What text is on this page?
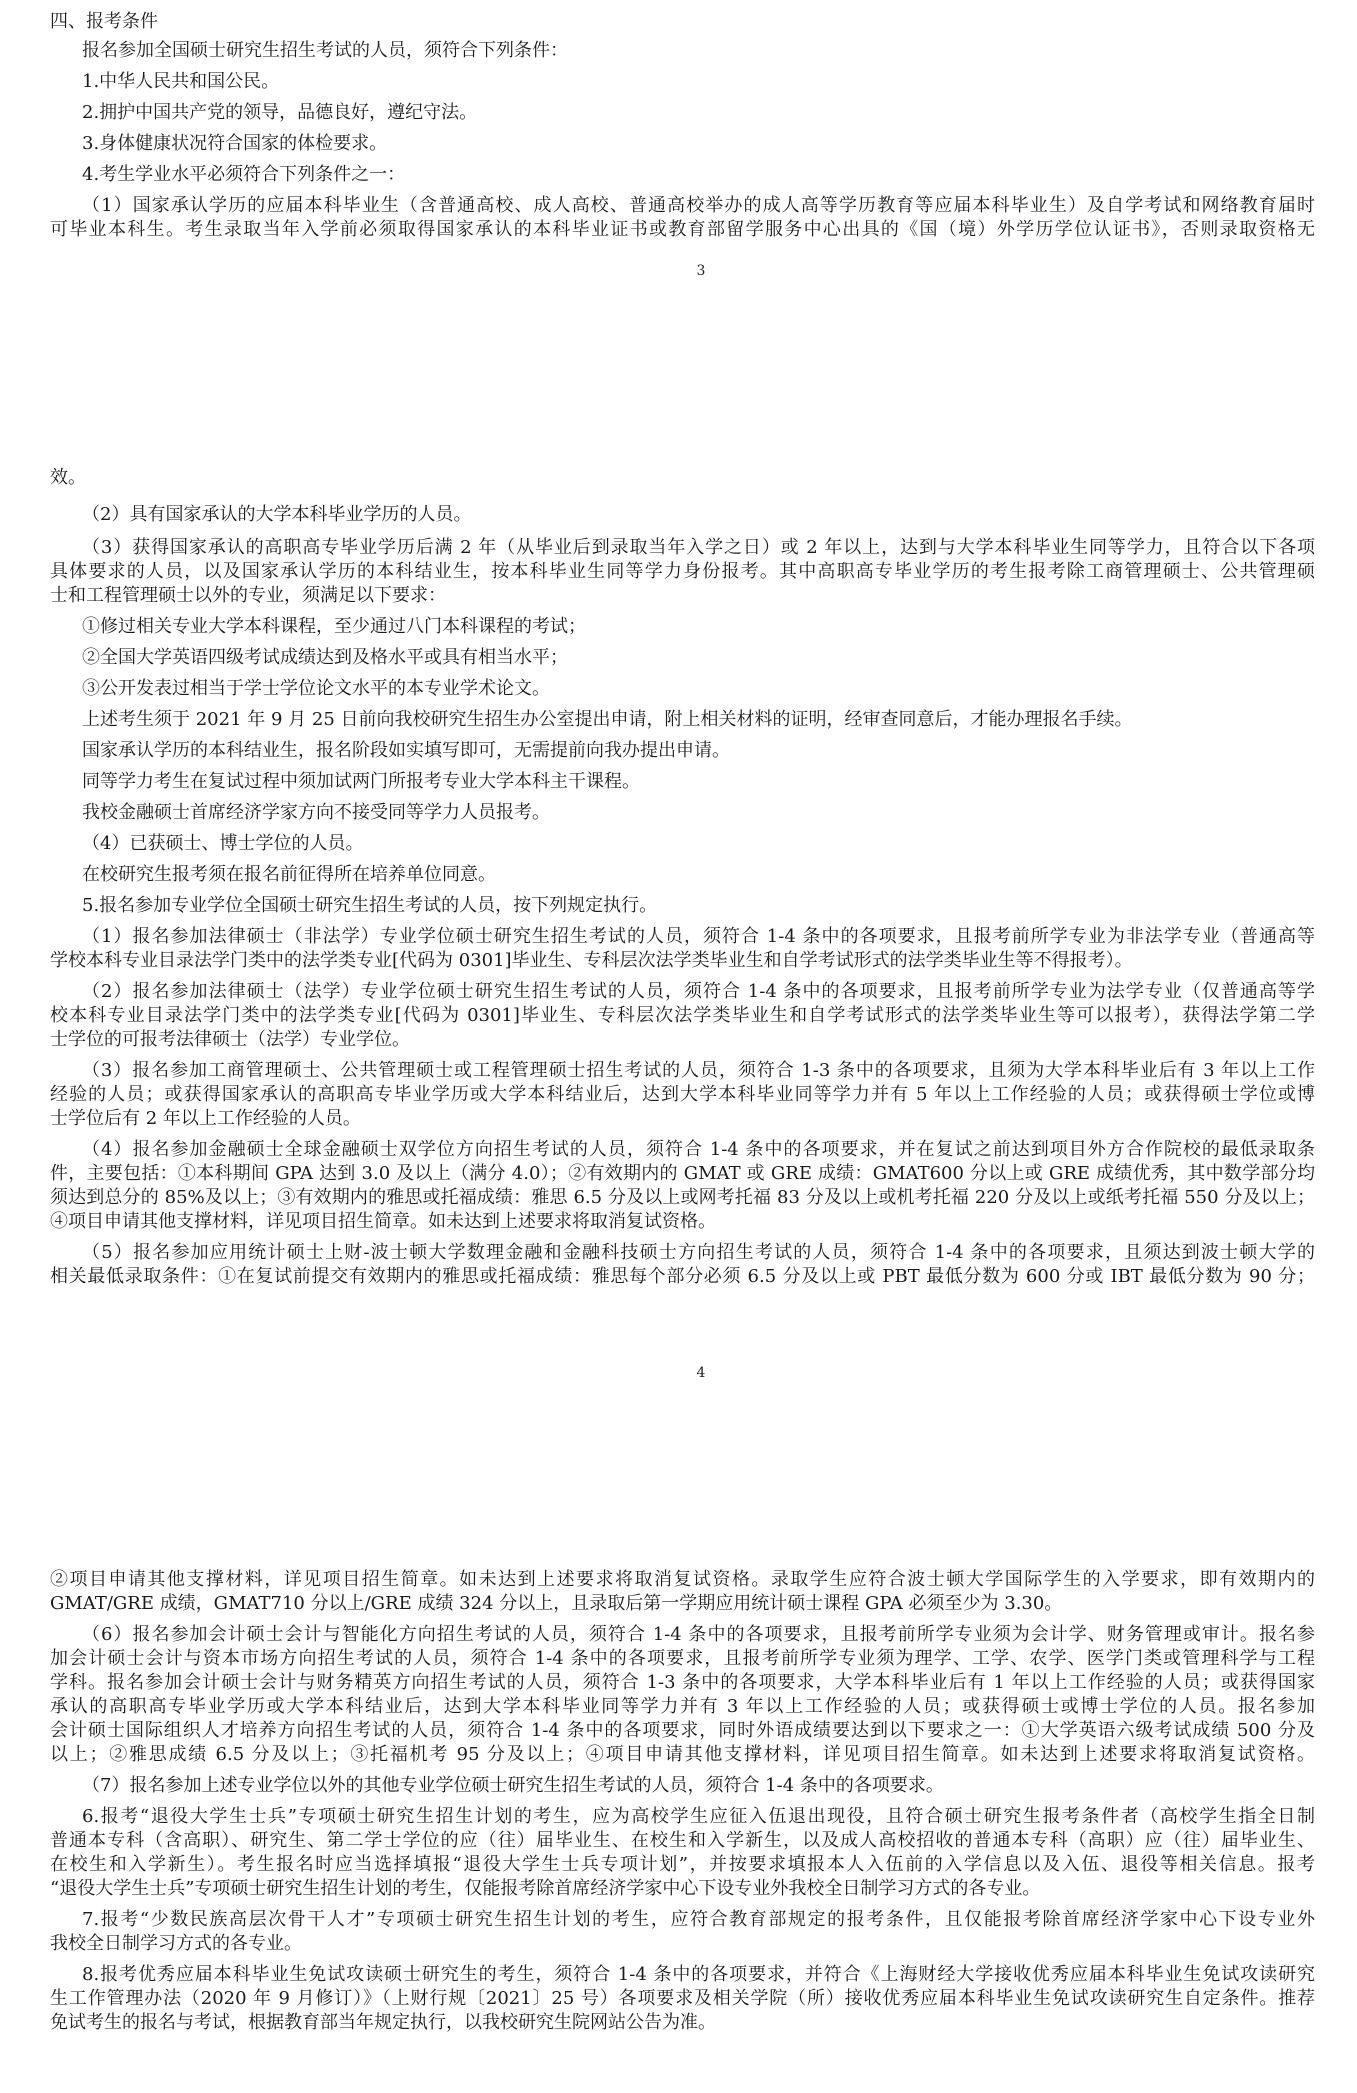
四、报考条件
报名参加全国硕士研究生招生考试的人员，须符合下列条件：
1.中华人民共和国公民。
2.拥护中国共产党的领导，品德良好，遵纪守法。
3.身体健康状况符合国家的体检要求。
4.考生学业水平必须符合下列条件之一：
（1）国家承认学历的应届本科毕业生（含普通高校、成人高校、普通高校举办的成人高等学历教育等应届本科毕业生）及自学考试和网络教育届时
可毕业本科生。考生录取当年入学前必须取得国家承认的本科毕业证书或教育部留学服务中心出具的《国（境）外学历学位认证书》，否则录取资格无
3
效。
（2）具有国家承认的大学本科毕业学历的人员。
（3）获得国家承认的高职高专毕业学历后满 2 年（从毕业后到录取当年入学之日）或 2 年以上，达到与大学本科毕业生同等学力，且符合以下各项
具体要求的人员，以及国家承认学历的本科结业生，按本科毕业生同等学力身份报考。其中高职高专毕业学历的考生报考除工商管理硕士、公共管理硕
士和工程管理硕士以外的专业，须满足以下要求：
①修过相关专业大学本科课程，至少通过八门本科课程的考试；
②全国大学英语四级考试成绩达到及格水平或具有相当水平；
③公开发表过相当于学士学位论文水平的本专业学术论文。
上述考生须于 2021 年 9 月 25 日前向我校研究生招生办公室提出申请，附上相关材料的证明，经审查同意后，才能办理报名手续。
国家承认学历的本科结业生，报名阶段如实填写即可，无需提前向我办提出申请。
同等学力考生在复试过程中须加试两门所报考专业大学本科主干课程。
我校金融硕士首席经济学家方向不接受同等学力人员报考。
（4）已获硕士、博士学位的人员。
在校研究生报考须在报名前征得所在培养单位同意。
5.报名参加专业学位全国硕士研究生招生考试的人员，按下列规定执行。
（1）报名参加法律硕士（非法学）专业学位硕士研究生招生考试的人员，须符合 1-4 条中的各项要求，且报考前所学专业为非法学专业（普通高等
学校本科专业目录法学门类中的法学类专业[代码为 0301]毕业生、专科层次法学类毕业生和自学考试形式的法学类毕业生等不得报考）。
（2）报名参加法律硕士（法学）专业学位硕士研究生招生考试的人员，须符合 1-4 条中的各项要求，且报考前所学专业为法学专业（仅普通高等学
校本科专业目录法学门类中的法学类专业[代码为 0301]毕业生、专科层次法学类毕业生和自学考试形式的法学类毕业生等可以报考），获得法学第二学
士学位的可报考法律硕士（法学）专业学位。
（3）报名参加工商管理硕士、公共管理硕士或工程管理硕士招生考试的人员，须符合 1-3 条中的各项要求，且须为大学本科毕业后有 3 年以上工作
经验的人员；或获得国家承认的高职高专毕业学历或大学本科结业后，达到大学本科毕业同等学力并有 5 年以上工作经验的人员；或获得硕士学位或博
士学位后有 2 年以上工作经验的人员。
（4）报名参加金融硕士全球金融硕士双学位方向招生考试的人员，须符合 1-4 条中的各项要求，并在复试之前达到项目外方合作院校的最低录取条
件，主要包括：①本科期间 GPA 达到 3.0 及以上（满分 4.0）；②有效期内的 GMAT 或 GRE 成绩：GMAT600 分以上或 GRE 成绩优秀，其中数学部分均
须达到总分的 85%及以上；③有效期内的雅思或托福成绩：雅思 6.5 分及以上或网考托福 83 分及以上或机考托福 220 分及以上或纸考托福 550 分及以上；
④项目申请其他支撑材料，详见项目招生简章。如未达到上述要求将取消复试资格。
（5）报名参加应用统计硕士上财-波士顿大学数理金融和金融科技硕士方向招生考试的人员，须符合 1-4 条中的各项要求，且须达到波士顿大学的
相关最低录取条件：①在复试前提交有效期内的雅思或托福成绩：雅思每个部分必须 6.5 分及以上或 PBT 最低分数为 600 分或 IBT 最低分数为 90 分；
4
②项目申请其他支撑材料，详见项目招生简章。如未达到上述要求将取消复试资格。录取学生应符合波士顿大学国际学生的入学要求，即有效期内的
GMAT/GRE 成绩，GMAT710 分以上/GRE 成绩 324 分以上，且录取后第一学期应用统计硕士课程 GPA 必须至少为 3.30。
（6）报名参加会计硕士会计与智能化方向招生考试的人员，须符合 1-4 条中的各项要求，且报考前所学专业须为会计学、财务管理或审计。报名参
加会计硕士会计与资本市场方向招生考试的人员，须符合 1-4 条中的各项要求，且报考前所学专业须为理学、工学、农学、医学门类或管理科学与工程
学科。报名参加会计硕士会计与财务精英方向招生考试的人员，须符合 1-3 条中的各项要求，大学本科毕业后有 1 年以上工作经验的人员；或获得国家
承认的高职高专毕业学历或大学本科结业后，达到大学本科毕业同等学力并有 3 年以上工作经验的人员；或获得硕士或博士学位的人员。报名参加
会计硕士国际组织人才培养方向招生考试的人员，须符合 1-4 条中的各项要求，同时外语成绩要达到以下要求之一：①大学英语六级考试成绩 500 分及
以上；②雅思成绩 6.5 分及以上；③托福机考 95 分及以上；④项目申请其他支撑材料，详见项目招生简章。如未达到上述要求将取消复试资格。
（7）报名参加上述专业学位以外的其他专业学位硕士研究生招生考试的人员，须符合 1-4 条中的各项要求。
6.报考“退役大学生士兵”专项硕士研究生招生计划的考生，应为高校学生应征入伍退出现役，且符合硕士研究生报考条件者（高校学生指全日制
普通本专科（含高职）、研究生、第二学士学位的应（往）届毕业生、在校生和入学新生，以及成人高校招收的普通本专科（高职）应（往）届毕业生、
在校生和入学新生）。考生报名时应当选择填报“退役大学生士兵专项计划”，并按要求填报本人入伍前的入学信息以及入伍、退役等相关信息。报考
“退役大学生士兵”专项硕士研究生招生计划的考生，仅能报考除首席经济学家中心下设专业外我校全日制学习方式的各专业。
7.报考“少数民族高层次骨干人才”专项硕士研究生招生计划的考生，应符合教育部规定的报考条件，且仅能报考除首席经济学家中心下设专业外
我校全日制学习方式的各专业。
8.报考优秀应届本科毕业生免试攻读硕士研究生的考生，须符合 1-4 条中的各项要求，并符合《上海财经大学接收优秀应届本科毕业生免试攻读研究
生工作管理办法（2020 年 9 月修订）》（上财行规〔2021〕25 号）各项要求及相关学院（所）接收优秀应届本科毕业生免试攻读研究生自定条件。推荐
免试考生的报名与考试，根据教育部当年规定执行，以我校研究生院网站公告为准。
